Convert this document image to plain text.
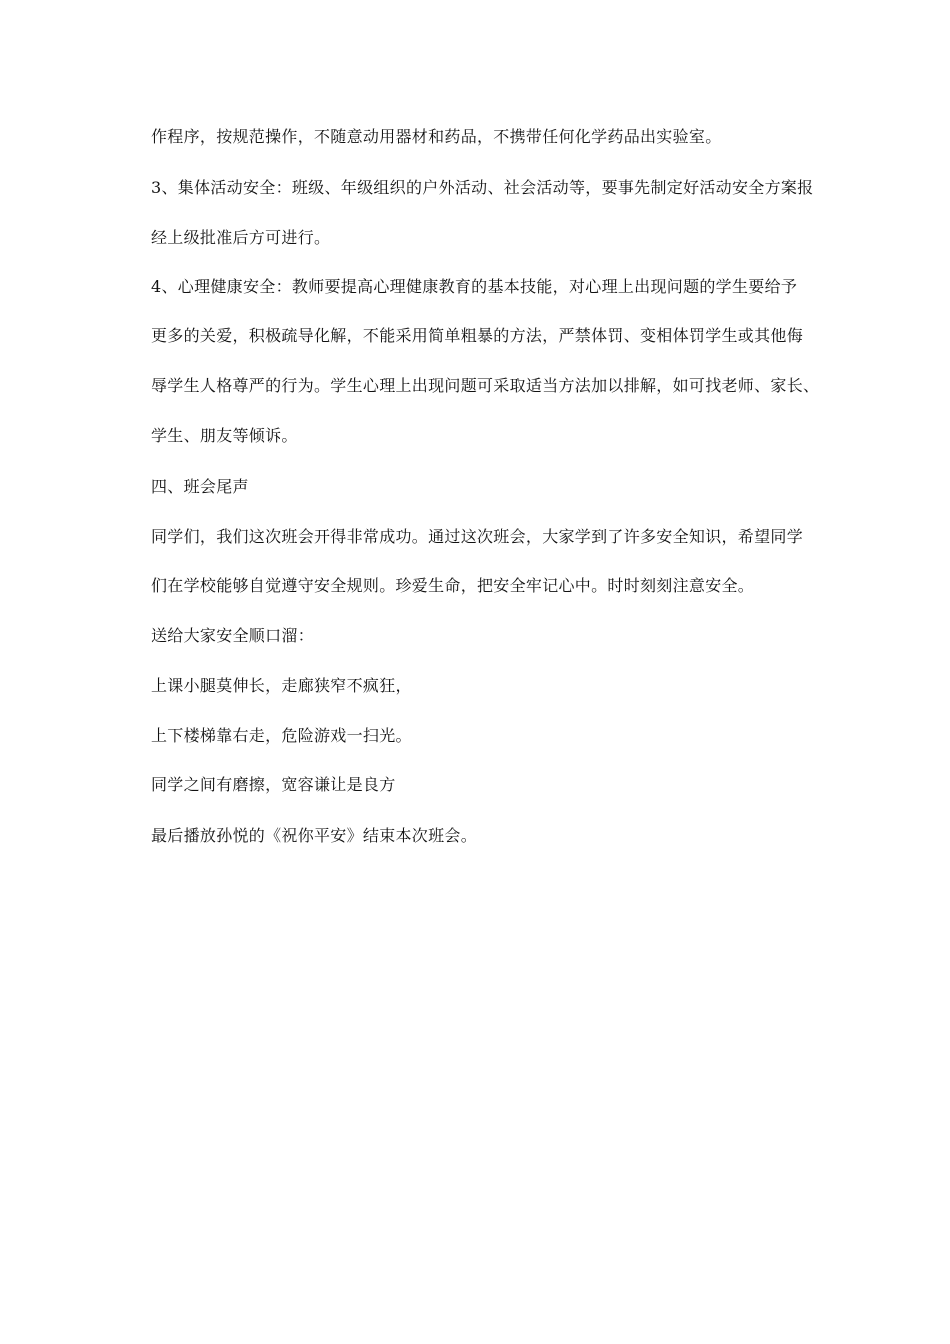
作程序，按规范操作，不随意动用器材和药品，不携带任何化学药品出实验室。
3、集体活动安全：班级、年级组织的户外活动、社会活动等，要事先制定好活动安全方案报
经上级批准后方可进行。
4、心理健康安全：教师要提高心理健康教育的基本技能，对心理上出现问题的学生要给予
更多的关爱，积极疏导化解，不能采用简单粗暴的方法，严禁体罚、变相体罚学生或其他侮
辱学生人格尊严的行为。学生心理上出现问题可采取适当方法加以排解，如可找老师、家长、
学生、朋友等倾诉。
四、班会尾声
同学们，我们这次班会开得非常成功。通过这次班会，大家学到了许多安全知识，希望同学
们在学校能够自觉遵守安全规则。珍爱生命，把安全牢记心中。时时刻刻注意安全。
送给大家安全顺口溜：
上课小腿莫伸长，走廊狭窄不疯狂，
上下楼梯靠右走，危险游戏一扫光。
同学之间有磨擦，宽容谦让是良方
最后播放孙悦的《祝你平安》结束本次班会。
